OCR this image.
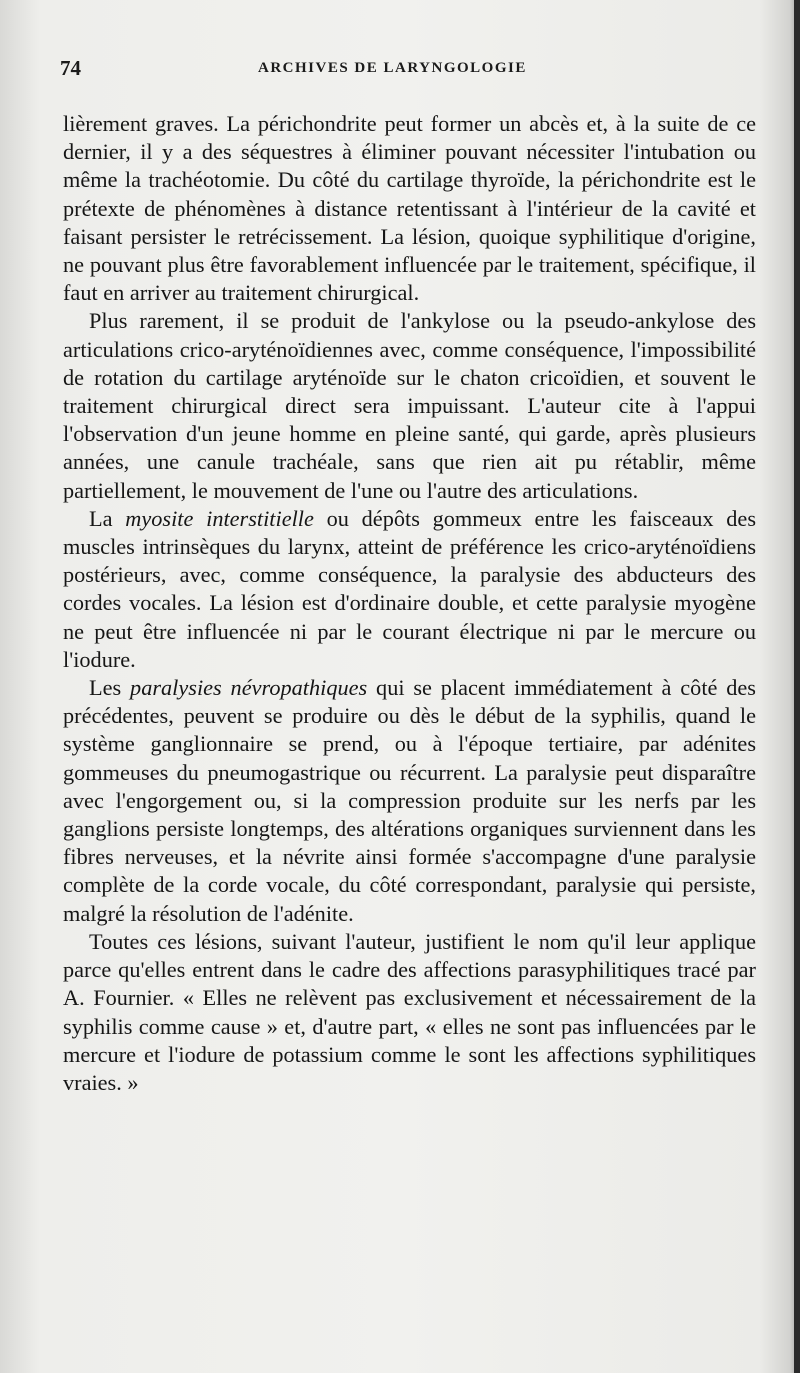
74	ARCHIVES DE LARYNGOLOGIE

lièrement graves. La périchondrite peut former un abcès et, à la suite de ce dernier, il y a des séquestres à éliminer pouvant nécessiter l'intubation ou même la trachéotomie. Du côté du cartilage thyroïde, la périchondrite est le prétexte de phénomènes à distance retentissant à l'intérieur de la cavité et faisant persister le retrécissement. La lésion, quoique syphilitique d'origine, ne pouvant plus être favorablement influencée par le traitement, spécifique, il faut en arriver au traitement chirurgical.

Plus rarement, il se produit de l'ankylose ou la pseudo-ankylose des articulations crico-aryténoïdiennes avec, comme conséquence, l'impossibilité de rotation du cartilage aryténoïde sur le chaton cricoïdien, et souvent le traitement chirurgical direct sera impuissant. L'auteur cite à l'appui l'observation d'un jeune homme en pleine santé, qui garde, après plusieurs années, une canule trachéale, sans que rien ait pu rétablir, même partiellement, le mouvement de l'une ou l'autre des articulations.

La myosite interstitielle ou dépôts gommeux entre les faisceaux des muscles intrinsèques du larynx, atteint de préférence les crico-aryténoïdiens postérieurs, avec, comme conséquence, la paralysie des abducteurs des cordes vocales. La lésion est d'ordinaire double, et cette paralysie myogène ne peut être influencée ni par le courant électrique ni par le mercure ou l'iodure.

Les paralysies névropathiques qui se placent immédiatement à côté des précédentes, peuvent se produire ou dès le début de la syphilis, quand le système ganglionnaire se prend, ou à l'époque tertiaire, par adénites gommeuses du pneumogastrique ou récurrent. La paralysie peut disparaître avec l'engorgement ou, si la compression produite sur les nerfs par les ganglions persiste longtemps, des altérations organiques surviennent dans les fibres nerveuses, et la névrite ainsi formée s'accompagne d'une paralysie complète de la corde vocale, du côté correspondant, paralysie qui persiste, malgré la résolution de l'adénite.

Toutes ces lésions, suivant l'auteur, justifient le nom qu'il leur applique parce qu'elles entrent dans le cadre des affections parasyphilitiques tracé par A. Fournier. « Elles ne relèvent pas exclusivement et nécessairement de la syphilis comme cause » et, d'autre part, « elles ne sont pas influencées par le mercure et l'iodure de potassium comme le sont les affections syphilitiques vraies. »
